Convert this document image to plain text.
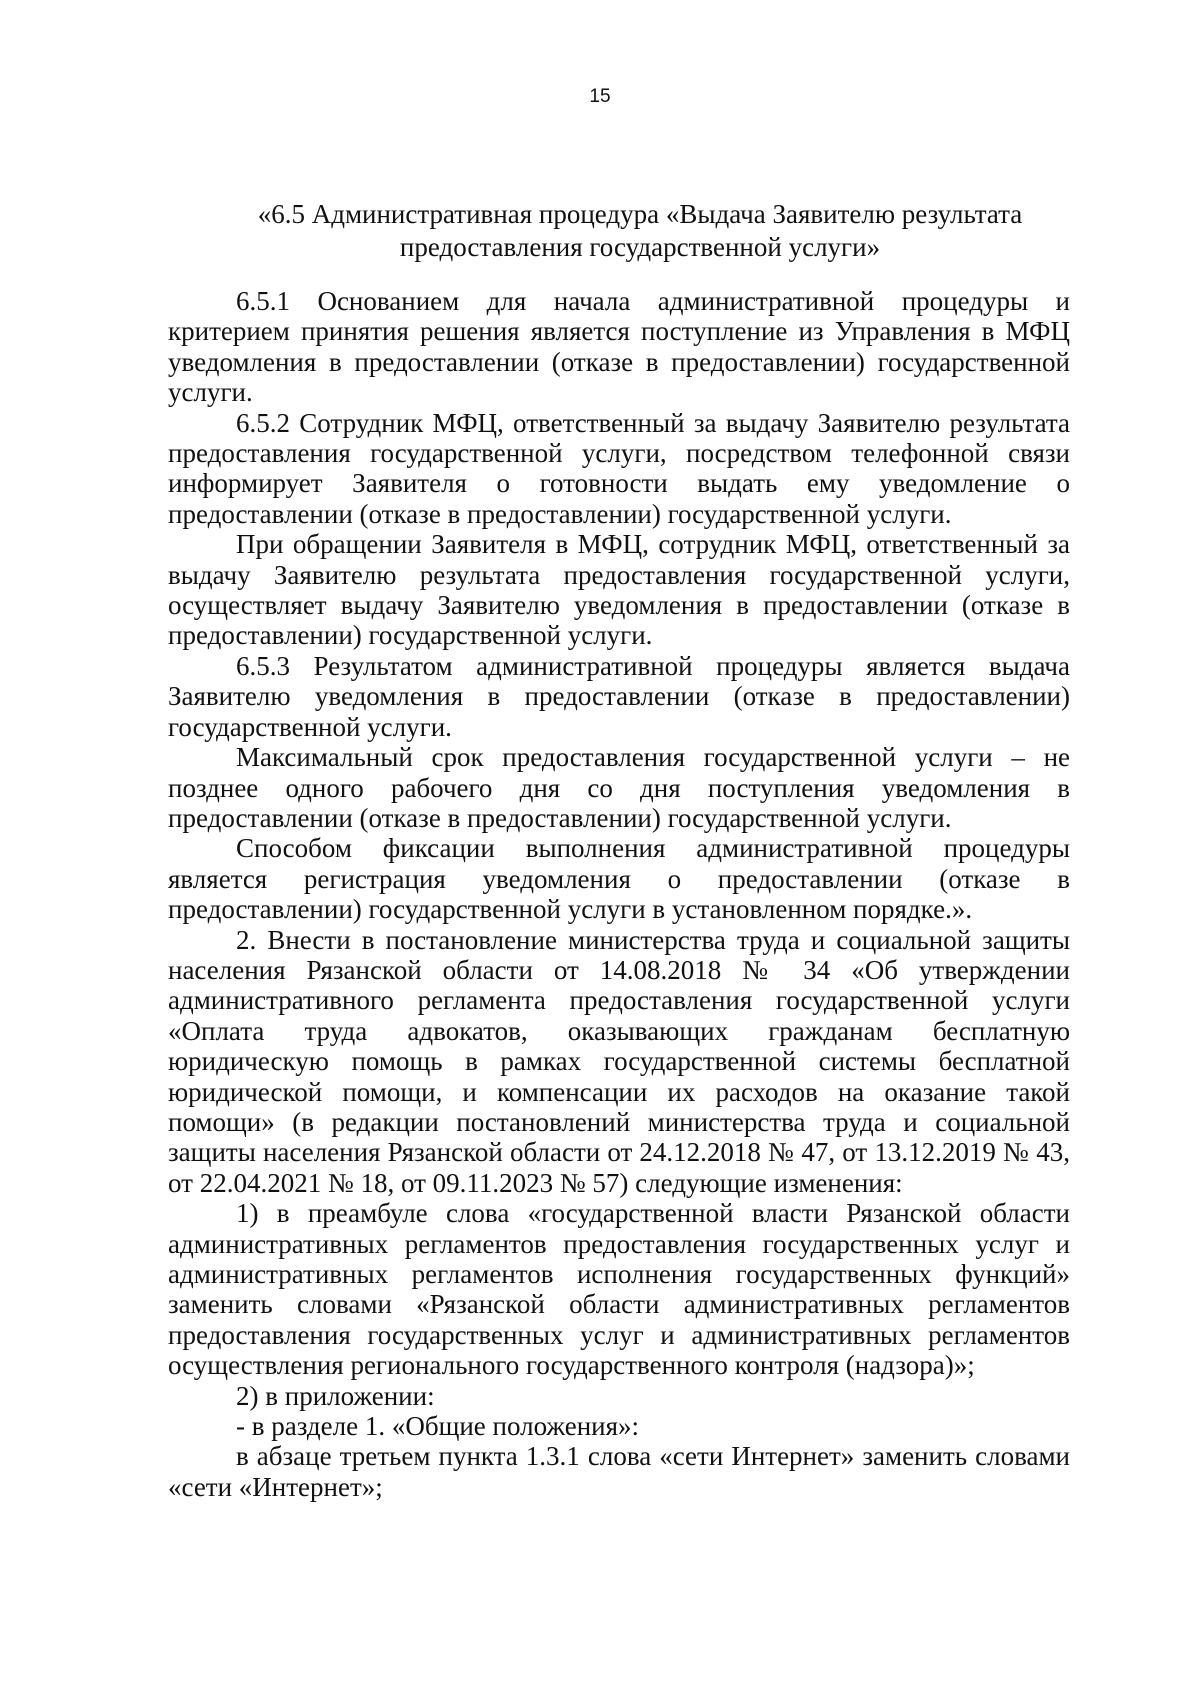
15
«6.5 Административная процедура «Выдача Заявителю результата
предоставления государственной услуги»

6.5.1 Основанием для начала административной процедуры и критерием принятия решения является поступление из Управления в МФЦ уведомления в предоставлении (отказе в предоставлении) государственной услуги.

6.5.2 Сотрудник МФЦ, ответственный за выдачу Заявителю результата предоставления государственной услуги, посредством телефонной связи информирует Заявителя о готовности выдать ему уведомление о предоставлении (отказе в предоставлении) государственной услуги.

При обращении Заявителя в МФЦ, сотрудник МФЦ, ответственный за выдачу Заявителю результата предоставления государственной услуги, осуществляет выдачу Заявителю уведомления в предоставлении (отказе в предоставлении) государственной услуги.

6.5.3 Результатом административной процедуры является выдача Заявителю уведомления в предоставлении (отказе в предоставлении) государственной услуги.

Максимальный срок предоставления государственной услуги – не позднее одного рабочего дня со дня поступления уведомления в предоставлении (отказе в предоставлении) государственной услуги.

Способом фиксации выполнения административной процедуры является регистрация уведомления о предоставлении (отказе в предоставлении) государственной услуги в установленном порядке.».

2. Внести в постановление министерства труда и социальной защиты населения Рязанской области от 14.08.2018 № 34 «Об утверждении административного регламента предоставления государственной услуги «Оплата труда адвокатов, оказывающих гражданам бесплатную юридическую помощь в рамках государственной системы бесплатной юридической помощи, и компенсации их расходов на оказание такой помощи» (в редакции постановлений министерства труда и социальной защиты населения Рязанской области от 24.12.2018 № 47, от 13.12.2019 № 43, от 22.04.2021 № 18, от 09.11.2023 № 57) следующие изменения:

1) в преамбуле слова «государственной власти Рязанской области административных регламентов предоставления государственных услуг и административных регламентов исполнения государственных функций» заменить словами «Рязанской области административных регламентов предоставления государственных услуг и административных регламентов осуществления регионального государственного контроля (надзора)»;

2) в приложении:

- в разделе 1. «Общие положения»:

в абзаце третьем пункта 1.3.1 слова «сети Интернет» заменить словами «сети «Интернет»;
